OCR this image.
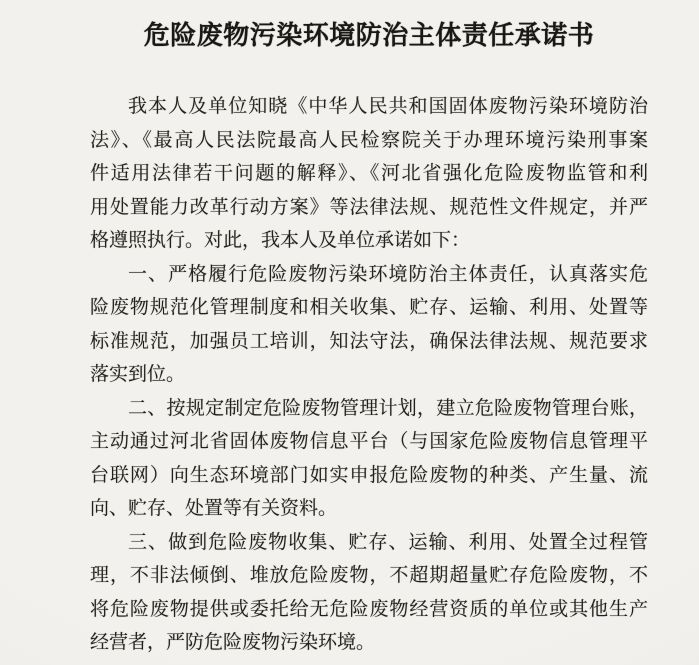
危险废物污染环境防治主体责任承诺书
我本人及单位知晓《中华人民共和国固体废物污染环境防治
法》、《最高人民法院最高人民检察院关于办理环境污染刑事案
件适用法律若干问题的解释》、《河北省强化危险废物监管和利
用处置能力改革行动方案》等法律法规、规范性文件规定，并严
格遵照执行。对此，我本人及单位承诺如下：
一、严格履行危险废物污染环境防治主体责任，认真落实危
险废物规范化管理制度和相关收集、贮存、运输、利用、处置等
标准规范，加强员工培训，知法守法，确保法律法规、规范要求
落实到位。
二、按规定制定危险废物管理计划，建立危险废物管理台账，
主动通过河北省固体废物信息平台（与国家危险废物信息管理平
台联网）向生态环境部门如实申报危险废物的种类、产生量、流
向、贮存、处置等有关资料。
三、做到危险废物收集、贮存、运输、利用、处置全过程管
理，不非法倾倒、堆放危险废物，不超期超量贮存危险废物，不
将危险废物提供或委托给无危险废物经营资质的单位或其他生产
经营者，严防危险废物污染环境。
